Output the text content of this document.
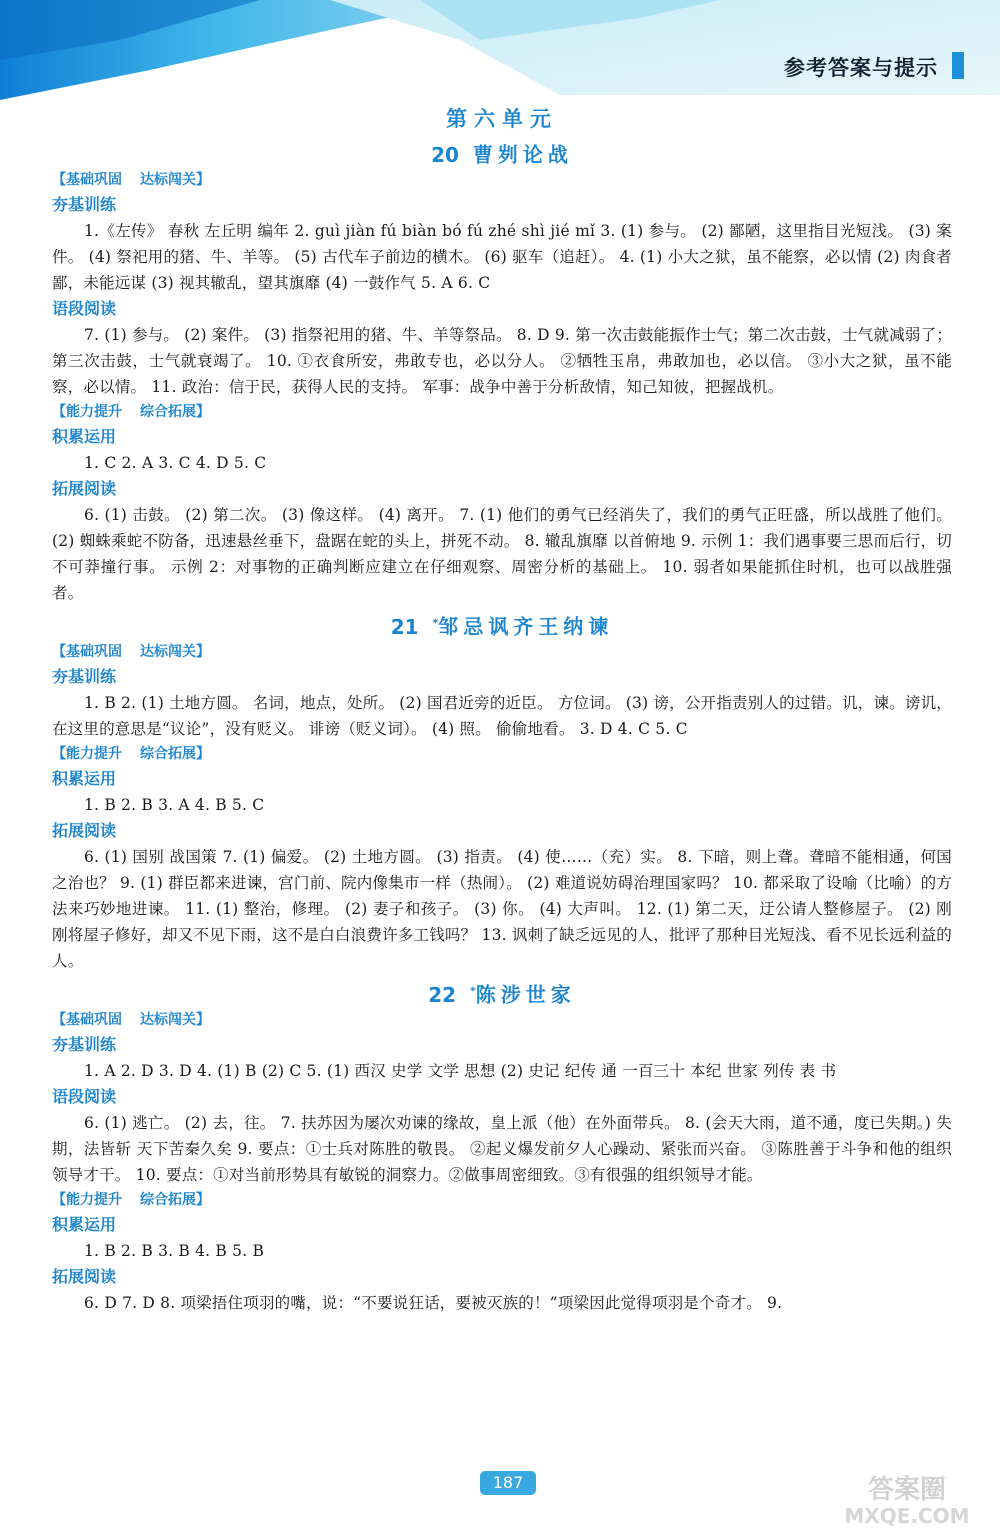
参考答案与提示
第六单元
20 曹刿论战
【基础巩固 达标闯关】
夯基训练
1.《左传》 春秋 左丘明 编年 2. guì jiàn fú biàn bó fú zhé shì jié mǐ 3. (1) 参与。 (2) 鄙陋，这里指目光短浅。 (3) 案件。 (4) 祭祀用的猪、牛、羊等。 (5) 古代车子前边的横木。 (6) 驱车（追赶）。 4. (1) 小大之狱，虽不能察，必以情 (2) 肉食者鄙，未能远谋 (3) 视其辙乱，望其旗靡 (4) 一鼓作气 5. A 6. C
语段阅读
7. (1) 参与。 (2) 案件。 (3) 指祭祀用的猪、牛、羊等祭品。 8. D 9. 第一次击鼓能振作士气；第二次击鼓，士气就减弱了；第三次击鼓，士气就衰竭了。 10. ①衣食所安，弗敢专也，必以分人。 ②牺牲玉帛，弗敢加也，必以信。 ③小大之狱，虽不能察，必以情。 11. 政治：信于民，获得人民的支持。 军事：战争中善于分析敌情，知己知彼，把握战机。
【能力提升 综合拓展】
积累运用
1. C 2. A 3. C 4. D 5. C
拓展阅读
6. (1) 击鼓。 (2) 第二次。 (3) 像这样。 (4) 离开。 7. (1) 他们的勇气已经消失了，我们的勇气正旺盛，所以战胜了他们。 (2) 蜘蛛乘蛇不防备，迅速悬丝垂下，盘踞在蛇的头上，拼死不动。 8. 辙乱旗靡 以首俯地 9. 示例 1：我们遇事要三思而后行，切不可莽撞行事。 示例 2：对事物的正确判断应建立在仔细观察、周密分析的基础上。 10. 弱者如果能抓住时机，也可以战胜强者。
21 *邹忌讽齐王纳谏
【基础巩固 达标闯关】
夯基训练
1. B 2. (1) 土地方圆。 名词，地点，处所。 (2) 国君近旁的近臣。 方位词。 (3) 谤，公开指责别人的过错。讥，谏。谤讥，在这里的意思是“议论”，没有贬义。 诽谤（贬义词）。 (4) 照。 偷偷地看。 3. D 4. C 5. C
【能力提升 综合拓展】
积累运用
1. B 2. B 3. A 4. B 5. C
拓展阅读
6. (1) 国别 战国策 7. (1) 偏爱。 (2) 土地方圆。 (3) 指责。 (4) 使……（充）实。 8. 下暗，则上聋。聋暗不能相通，何国之治也？ 9. (1) 群臣都来进谏，宫门前、院内像集市一样（热闹）。 (2) 难道说妨碍治理国家吗？ 10. 都采取了设喻（比喻）的方法来巧妙地进谏。 11. (1) 整治，修理。 (2) 妻子和孩子。 (3) 你。 (4) 大声叫。 12. (1) 第二天，迂公请人整修屋子。 (2) 刚刚将屋子修好，却又不见下雨，这不是白白浪费许多工钱吗？ 13. 讽刺了缺乏远见的人，批评了那种目光短浅、看不见长远利益的人。
22 *陈涉世家
【基础巩固 达标闯关】
夯基训练
1. A 2. D 3. D 4. (1) B (2) C 5. (1) 西汉 史学 文学 思想 (2) 史记 纪传 通 一百三十 本纪 世家 列传 表 书
语段阅读
6. (1) 逃亡。 (2) 去，往。 7. 扶苏因为屡次劝谏的缘故，皇上派（他）在外面带兵。 8. (会天大雨，道不通，度已失期。) 失期，法皆斩 天下苦秦久矣 9. 要点：①士兵对陈胜的敬畏。 ②起义爆发前夕人心躁动、紧张而兴奋。 ③陈胜善于斗争和他的组织领导才干。 10. 要点：①对当前形势具有敏锐的洞察力。②做事周密细致。③有很强的组织领导才能。
【能力提升 综合拓展】
积累运用
1. B 2. B 3. B 4. B 5. B
拓展阅读
6. D 7. D 8. 项梁捂住项羽的嘴，说：“不要说狂话，要被灭族的！”项梁因此觉得项羽是个奇才。 9.
187	答案圈
MXQE.COM
